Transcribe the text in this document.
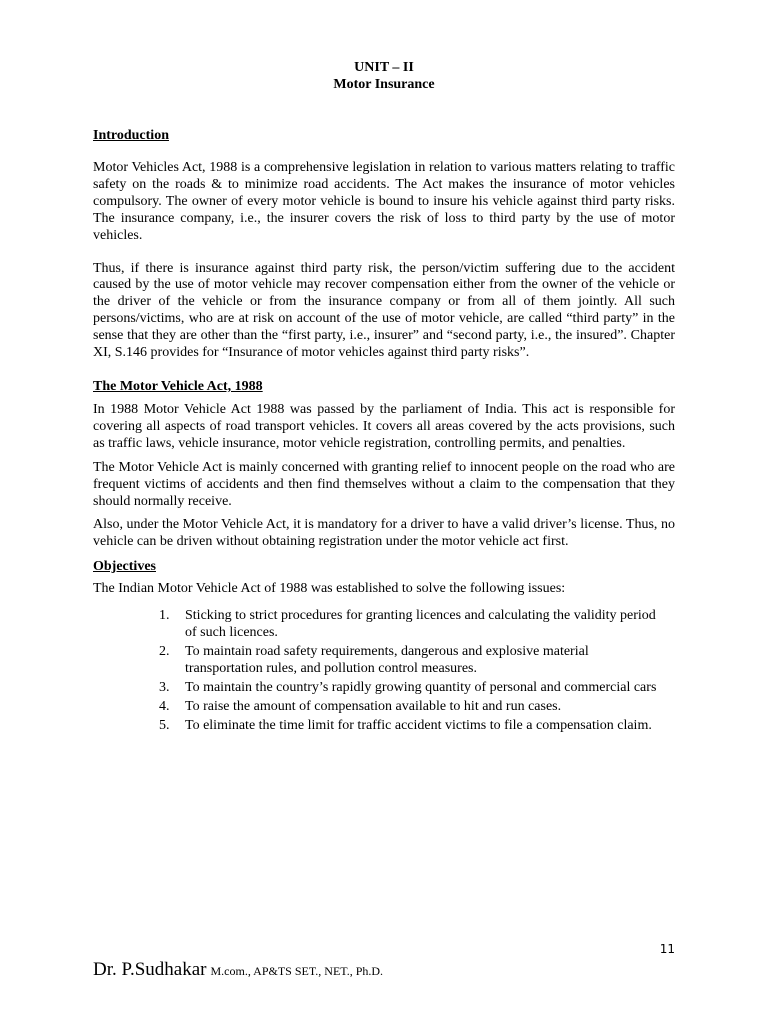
UNIT – II
Motor Insurance
Introduction

Motor Vehicles Act, 1988 is a comprehensive legislation in relation to various matters relating to traffic safety on the roads & to minimize road accidents. The Act makes the insurance of motor vehicles compulsory. The owner of every motor vehicle is bound to insure his vehicle against third party risks. The insurance company, i.e., the insurer covers the risk of loss to third party by the use of motor vehicles.

Thus, if there is insurance against third party risk, the person/victim suffering due to the accident caused by the use of motor vehicle may recover compensation either from the owner of the vehicle or the driver of the vehicle or from the insurance company or from all of them jointly. All such persons/victims, who are at risk on account of the use of motor vehicle, are called “third party” in the sense that they are other than the “first party, i.e., insurer” and “second party, i.e., the insured”. Chapter XI, S.146 provides for “Insurance of motor vehicles against third party risks”.

The Motor Vehicle Act, 1988

In 1988 Motor Vehicle Act 1988 was passed by the parliament of India. This act is responsible for covering all aspects of road transport vehicles. It covers all areas covered by the acts provisions, such as traffic laws, vehicle insurance, motor vehicle registration, controlling permits, and penalties.

The Motor Vehicle Act is mainly concerned with granting relief to innocent people on the road who are frequent victims of accidents and then find themselves without a claim to the compensation that they should normally receive.

Also, under the Motor Vehicle Act, it is mandatory for a driver to have a valid driver’s license. Thus, no vehicle can be driven without obtaining registration under the motor vehicle act first.

Objectives

The Indian Motor Vehicle Act of 1988 was established to solve the following issues:

1.	Sticking to strict procedures for granting licences and calculating the validity period of such licences.
2.	To maintain road safety requirements, dangerous and explosive material transportation rules, and pollution control measures.
3.	To maintain the country’s rapidly growing quantity of personal and commercial cars
4.	To raise the amount of compensation available to hit and run cases.
5.	To eliminate the time limit for traffic accident victims to file a compensation claim.
11
Dr. P.Sudhakar M.com., AP&TS SET., NET., Ph.D.
